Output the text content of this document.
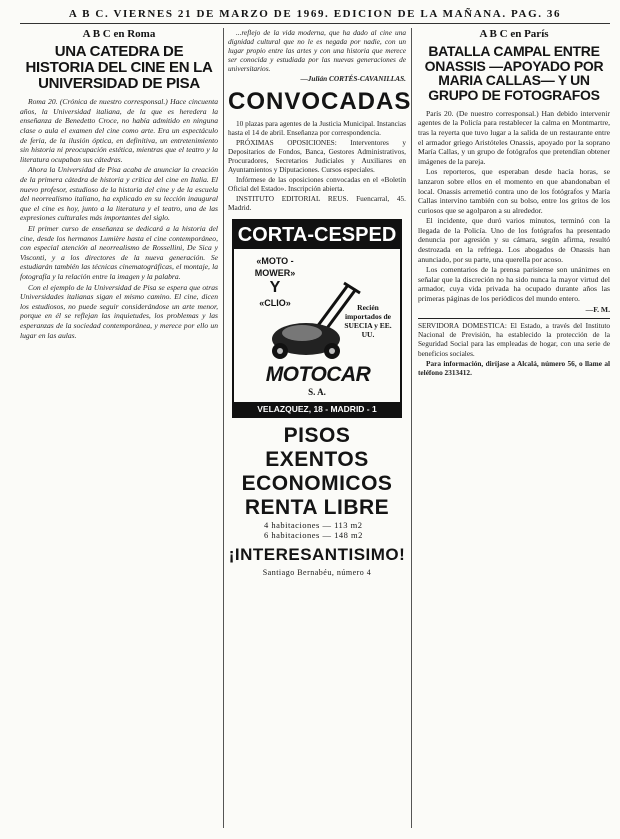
A B C. VIERNES 21 DE MARZO DE 1969. EDICION DE LA MAÑANA. PAG. 36
A B C en Roma
UNA CATEDRA DE HISTORIA DEL CINE EN LA UNIVERSIDAD DE PISA

Roma 20. (Crónica de nuestro corresponsal.) Hace cincuenta años, la Universidad italiana, de la que es heredera la enseñanza de Benedetto Croce, no había admitido en ninguna clase o aula el examen del cine como arte. Era un espectáculo de feria, de la ilusión óptica, en definitiva, un entretenimiento sin historia ni preocupación estética, mientras que el teatro y la literatura ocupaban sus cátedras.

Ahora la Universidad de Pisa acaba de anunciar la creación de la primera cátedra de historia y crítica del cine en Italia. El nuevo profesor, estudioso de la historia del cine y de la escuela del neorrealismo italiano, ha explicado en su lección inaugural que el cine es hoy, junto a la literatura y el teatro, una de las expresiones culturales más importantes del siglo.

El primer curso de enseñanza se dedicará a la historia del cine, desde los hermanos Lumière hasta el cine contemporáneo, con especial atención al neorrealismo de Rossellini, De Sica y Visconti, y a los directores de la nueva generación. Se estudiarán también las técnicas cinematográficas, el montaje, la fotografía y la relación entre la imagen y la palabra.

Con el ejemplo de la Universidad de Pisa se espera que otras Universidades italianas sigan el mismo camino. El cine, dicen los estudiosos, no puede seguir considerándose un arte menor, porque en él se reflejan las inquietudes, los problemas y las esperanzas de la sociedad contemporánea, y merece por ello un lugar en las aulas.

...reflejo de la vida moderna, que ha dado al cine una dignidad cultural que no le es negada por nadie, con un lugar propio entre las artes y con una historia que merece ser conocida y estudiada por las nuevas generaciones de universitarios.

—Julián CORTÉS-CAVANILLAS.

CONVOCADAS

10 plazas para agentes de la Justicia Municipal. Instancias hasta el 14 de abril. Enseñanza por correspondencia.

PRÓXIMAS OPOSICIONES: Interventores y Depositarios de Fondos, Banca, Gestores Administrativos, Procuradores, Secretarios Judiciales y Auxiliares en Ayuntamientos y Diputaciones. Cursos especiales.

Infórmese de las oposiciones convocadas en el «Boletín Oficial del Estado». Inscripción abierta.

INSTITUTO EDITORIAL REUS. Fuencarral, 45. Madrid.

CORTA-CESPED
«MOTO - MOWER»
Y
«CLIO»	Recién importados de SUECIA y EE. UU.
MOTOCAR
S. A.
VELAZQUEZ, 18 - MADRID - 1
PISOS
EXENTOS
ECONOMICOS
RENTA LIBRE
4 habitaciones — 113 m2
6 habitaciones — 148 m2
¡INTERESANTISIMO!
Santiago Bernabéu, número 4
A B C en París
BATALLA CAMPAL ENTRE ONASSIS —APOYADO POR MARIA CALLAS— Y UN GRUPO DE FOTOGRAFOS

París 20. (De nuestro corresponsal.) Han debido intervenir agentes de la Policía para restablecer la calma en Montmartre, tras la reyerta que tuvo lugar a la salida de un restaurante entre el armador griego Aristóteles Onassis, apoyado por la soprano María Callas, y un grupo de fotógrafos que pretendían obtener imágenes de la pareja.

Los reporteros, que esperaban desde hacía horas, se lanzaron sobre ellos en el momento en que abandonaban el local. Onassis arremetió contra uno de los fotógrafos y María Callas intervino también con su bolso, entre los gritos de los curiosos que se agolparon a su alrededor.

El incidente, que duró varios minutos, terminó con la llegada de la Policía. Uno de los fotógrafos ha presentado denuncia por agresión y su cámara, según afirma, resultó destrozada en la refriega. Los abogados de Onassis han anunciado, por su parte, una querella por acoso.

Los comentarios de la prensa parisiense son unánimes en señalar que la discreción no ha sido nunca la mayor virtud del armador, cuya vida privada ha ocupado durante años las primeras páginas de los periódicos del mundo entero.

—F. M.

SERVIDORA DOMESTICA: El Estado, a través del Instituto Nacional de Previsión, ha establecido la protección de la Seguridad Social para las empleadas de hogar, con una serie de beneficios sociales.

Para información, diríjase a Alcalá, número 56, o llame al teléfono 2313412.
